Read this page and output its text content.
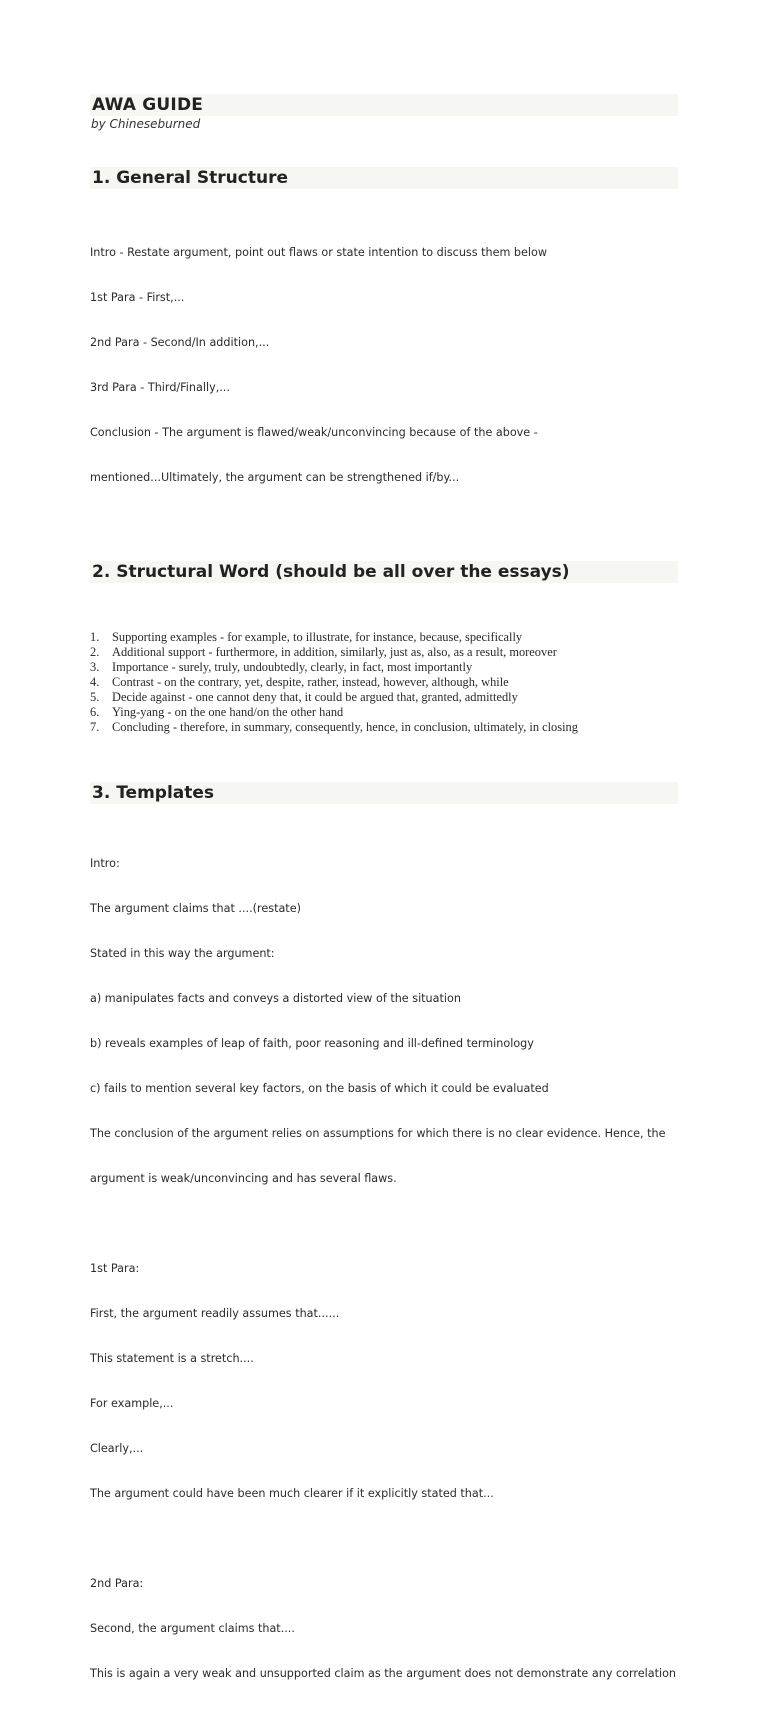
AWA GUIDE
by Chineseburned
1. General Structure

Intro - Restate argument, point out flaws or state intention to discuss them below

1st Para - First,...

2nd Para - Second/In addition,...

3rd Para - Third/Finally,...

Conclusion - The argument is flawed/weak/unconvincing because of the above -

mentioned...Ultimately, the argument can be strengthened if/by...

2. Structural Word (should be all over the essays)
1.	Supporting examples - for example, to illustrate, for instance, because, specifically
2.	Additional support - furthermore, in addition, similarly, just as, also, as a result, moreover
3.	Importance - surely, truly, undoubtedly, clearly, in fact, most importantly
4.	Contrast - on the contrary, yet, despite, rather, instead, however, although, while
5.	Decide against - one cannot deny that, it could be argued that, granted, admittedly
6.	Ying-yang - on the one hand/on the other hand
7.	Concluding - therefore, in summary, consequently, hence, in conclusion, ultimately, in closing
3. Templates

Intro:

The argument claims that ....(restate)

Stated in this way the argument:

a) manipulates facts and conveys a distorted view of the situation

b) reveals examples of leap of faith, poor reasoning and ill-defined terminology

c) fails to mention several key factors, on the basis of which it could be evaluated

The conclusion of the argument relies on assumptions for which there is no clear evidence. Hence, the

argument is weak/unconvincing and has several flaws.

1st Para:

First, the argument readily assumes that......

This statement is a stretch....

For example,...

Clearly,...

The argument could have been much clearer if it explicitly stated that...

2nd Para:

Second, the argument claims that....

This is again a very weak and unsupported claim as the argument does not demonstrate any correlation
